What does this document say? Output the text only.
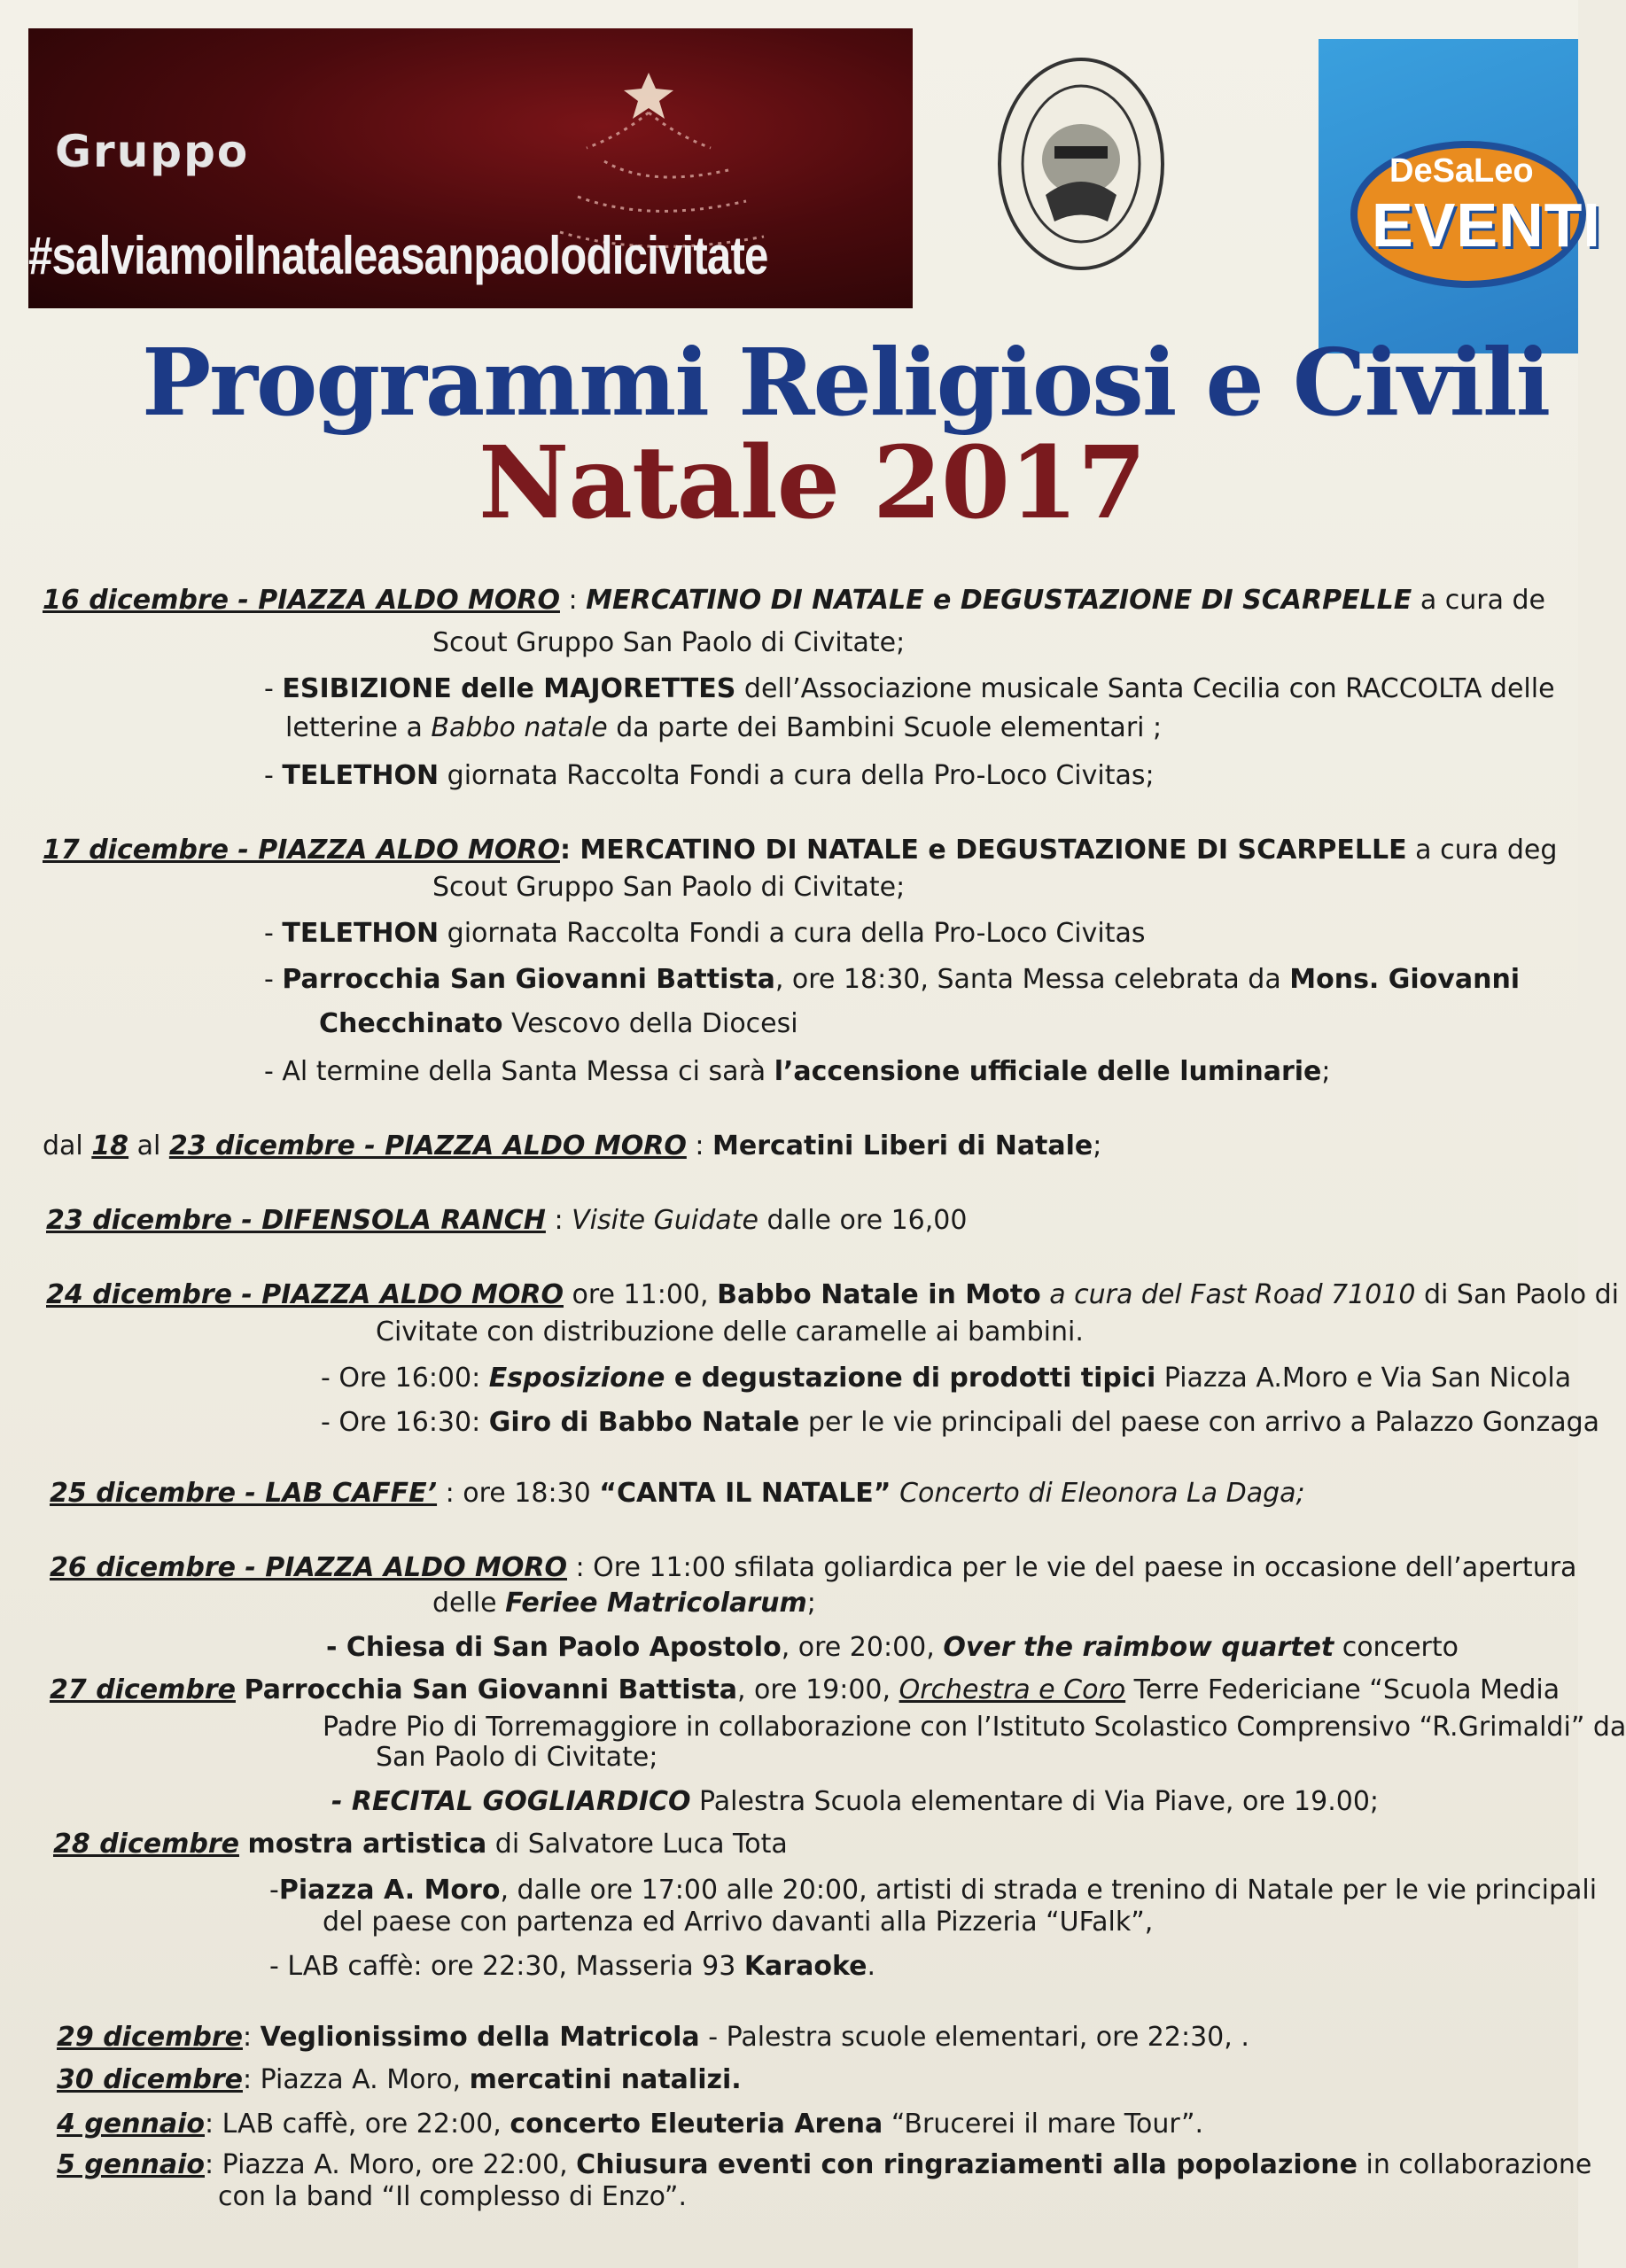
Gruppo
#salviamoilnataleasanpaolodicivitate
DeSaLeo
EVENTI
Programmi Religiosi e Civili
Natale 2017
16 dicembre - PIAZZA ALDO MORO : MERCATINO DI NATALE e DEGUSTAZIONE DI SCARPELLE a cura de
Scout Gruppo San Paolo di Civitate;
- ESIBIZIONE delle MAJORETTES dell’Associazione musicale Santa Cecilia con RACCOLTA delle
letterine a Babbo natale da parte dei Bambini Scuole elementari ;
- TELETHON giornata Raccolta Fondi a cura della Pro-Loco Civitas;
17 dicembre - PIAZZA ALDO MORO: MERCATINO DI NATALE e DEGUSTAZIONE DI SCARPELLE a cura deg
Scout Gruppo San Paolo di Civitate;
- TELETHON giornata Raccolta Fondi a cura della Pro-Loco Civitas
- Parrocchia San Giovanni Battista, ore 18:30, Santa Messa celebrata da Mons. Giovanni
Checchinato Vescovo della Diocesi
- Al termine della Santa Messa ci sarà l’accensione ufficiale delle luminarie;
dal 18 al 23 dicembre - PIAZZA ALDO MORO : Mercatini Liberi di Natale;
23 dicembre - DIFENSOLA RANCH : Visite Guidate dalle ore 16,00
24 dicembre - PIAZZA ALDO MORO ore 11:00, Babbo Natale in Moto a cura del Fast Road 71010 di San Paolo di
Civitate con distribuzione delle caramelle ai bambini.
- Ore 16:00: Esposizione e degustazione di prodotti tipici Piazza A.Moro e Via San Nicola
- Ore 16:30: Giro di Babbo Natale per le vie principali del paese con arrivo a Palazzo Gonzaga
25 dicembre - LAB CAFFE’ : ore 18:30 “CANTA IL NATALE” Concerto di Eleonora La Daga;
26 dicembre - PIAZZA ALDO MORO : Ore 11:00 sfilata goliardica per le vie del paese in occasione dell’apertura
delle Feriee Matricolarum;
- Chiesa di San Paolo Apostolo, ore 20:00, Over the raimbow quartet concerto
27 dicembre Parrocchia San Giovanni Battista, ore 19:00, Orchestra e Coro Terre Federiciane “Scuola Media
Padre Pio di Torremaggiore in collaborazione con l’Istituto Scolastico Comprensivo “R.Grimaldi” da
San Paolo di Civitate;
- RECITAL GOGLIARDICO Palestra Scuola elementare di Via Piave, ore 19.00;
28 dicembre mostra artistica di Salvatore Luca Tota
-Piazza A. Moro, dalle ore 17:00 alle 20:00, artisti di strada e trenino di Natale per le vie principali
del paese con partenza ed Arrivo davanti alla Pizzeria “UFalk”,
- LAB caffè: ore 22:30, Masseria 93 Karaoke.
29 dicembre: Veglionissimo della Matricola - Palestra scuole elementari, ore 22:30, .
30 dicembre: Piazza A. Moro, mercatini natalizi.
4 gennaio: LAB caffè, ore 22:00, concerto Eleuteria Arena “Brucerei il mare Tour”.
5 gennaio: Piazza A. Moro, ore 22:00, Chiusura eventi con ringraziamenti alla popolazione in collaborazione
con la band “Il complesso di Enzo”.
